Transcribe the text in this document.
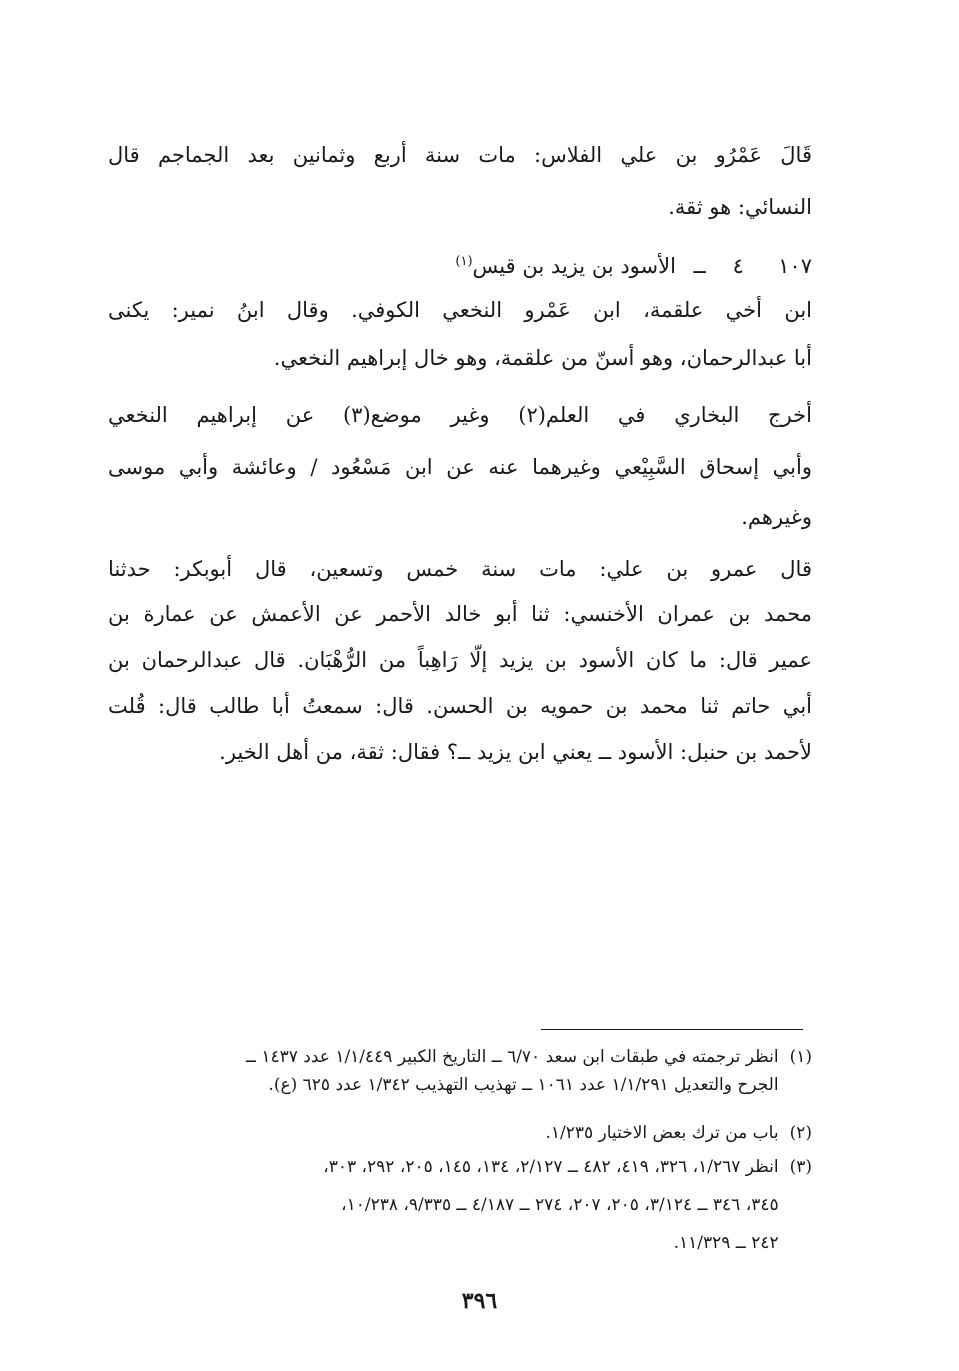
قَالَ عَمْرُو بن علي الفلاس: مات سنة أربع وثمانين بعد الجماجم قال
النسائي: هو ثقة.
١٠٧ ٤ ــ الأسود بن يزيد بن قيس$^{(١)}$
ابن أخي علقمة، ابن عَمْرو النخعي الكوفي. وقال ابنُ نمير: يكنى
أبا عبدالرحمان، وهو أسنّ من علقمة، وهو خال إبراهيم النخعي.
أخرج البخاري في العلم(٢) وغير موضع(٣) عن إبراهيم النخعي
وأبي إسحاق السَّبِيْعي وغيرهما عنه عن ابن مَسْعُود / وعائشة وأبي موسى
وغيرهم.
قال عمرو بن علي: مات سنة خمس وتسعين، قال أبوبكر: حدثنا
محمد بن عمران الأخنسي: ثنا أبو خالد الأحمر عن الأعمش عن عمارة بن
عمير قال: ما كان الأسود بن يزيد إلّا رَاهِباً من الرُّهْبَان. قال عبدالرحمان بن
أبي حاتم ثنا محمد بن حمويه بن الحسن. قال: سمعتُ أبا طالب قال: قُلت
لأحمد بن حنبل: الأسود ــ يعني ابن يزيد ــ؟ فقال: ثقة، من أهل الخير.
(١) انظر ترجمته في طبقات ابن سعد ٦/٧٠ ــ التاريخ الكبير ١/١/٤٤٩ عدد ١٤٣٧ ــ
الجرح والتعديل ١/١/٢٩١ عدد ١٠٦١ ــ تهذيب التهذيب ١/٣٤٢ عدد ٦٢٥ (ع).
(٢) باب من ترك بعض الاختيار ١/٢٣٥.
(٣) انظر ١/٢٦٧، ٣٢٦، ٤١٩، ٤٨٢ ــ ٢/١٢٧، ١٣٤، ١٤٥، ٢٠٥، ٢٩٢، ٣٠٣،
٣٤٥، ٣٤٦ ــ ٣/١٢٤، ٢٠٥، ٢٠٧، ٢٧٤ ــ ٤/١٨٧ ــ ٩/٣٣٥، ١٠/٢٣٨،
٢٤٢ ــ ١١/٣٢٩.
٣٩٦
